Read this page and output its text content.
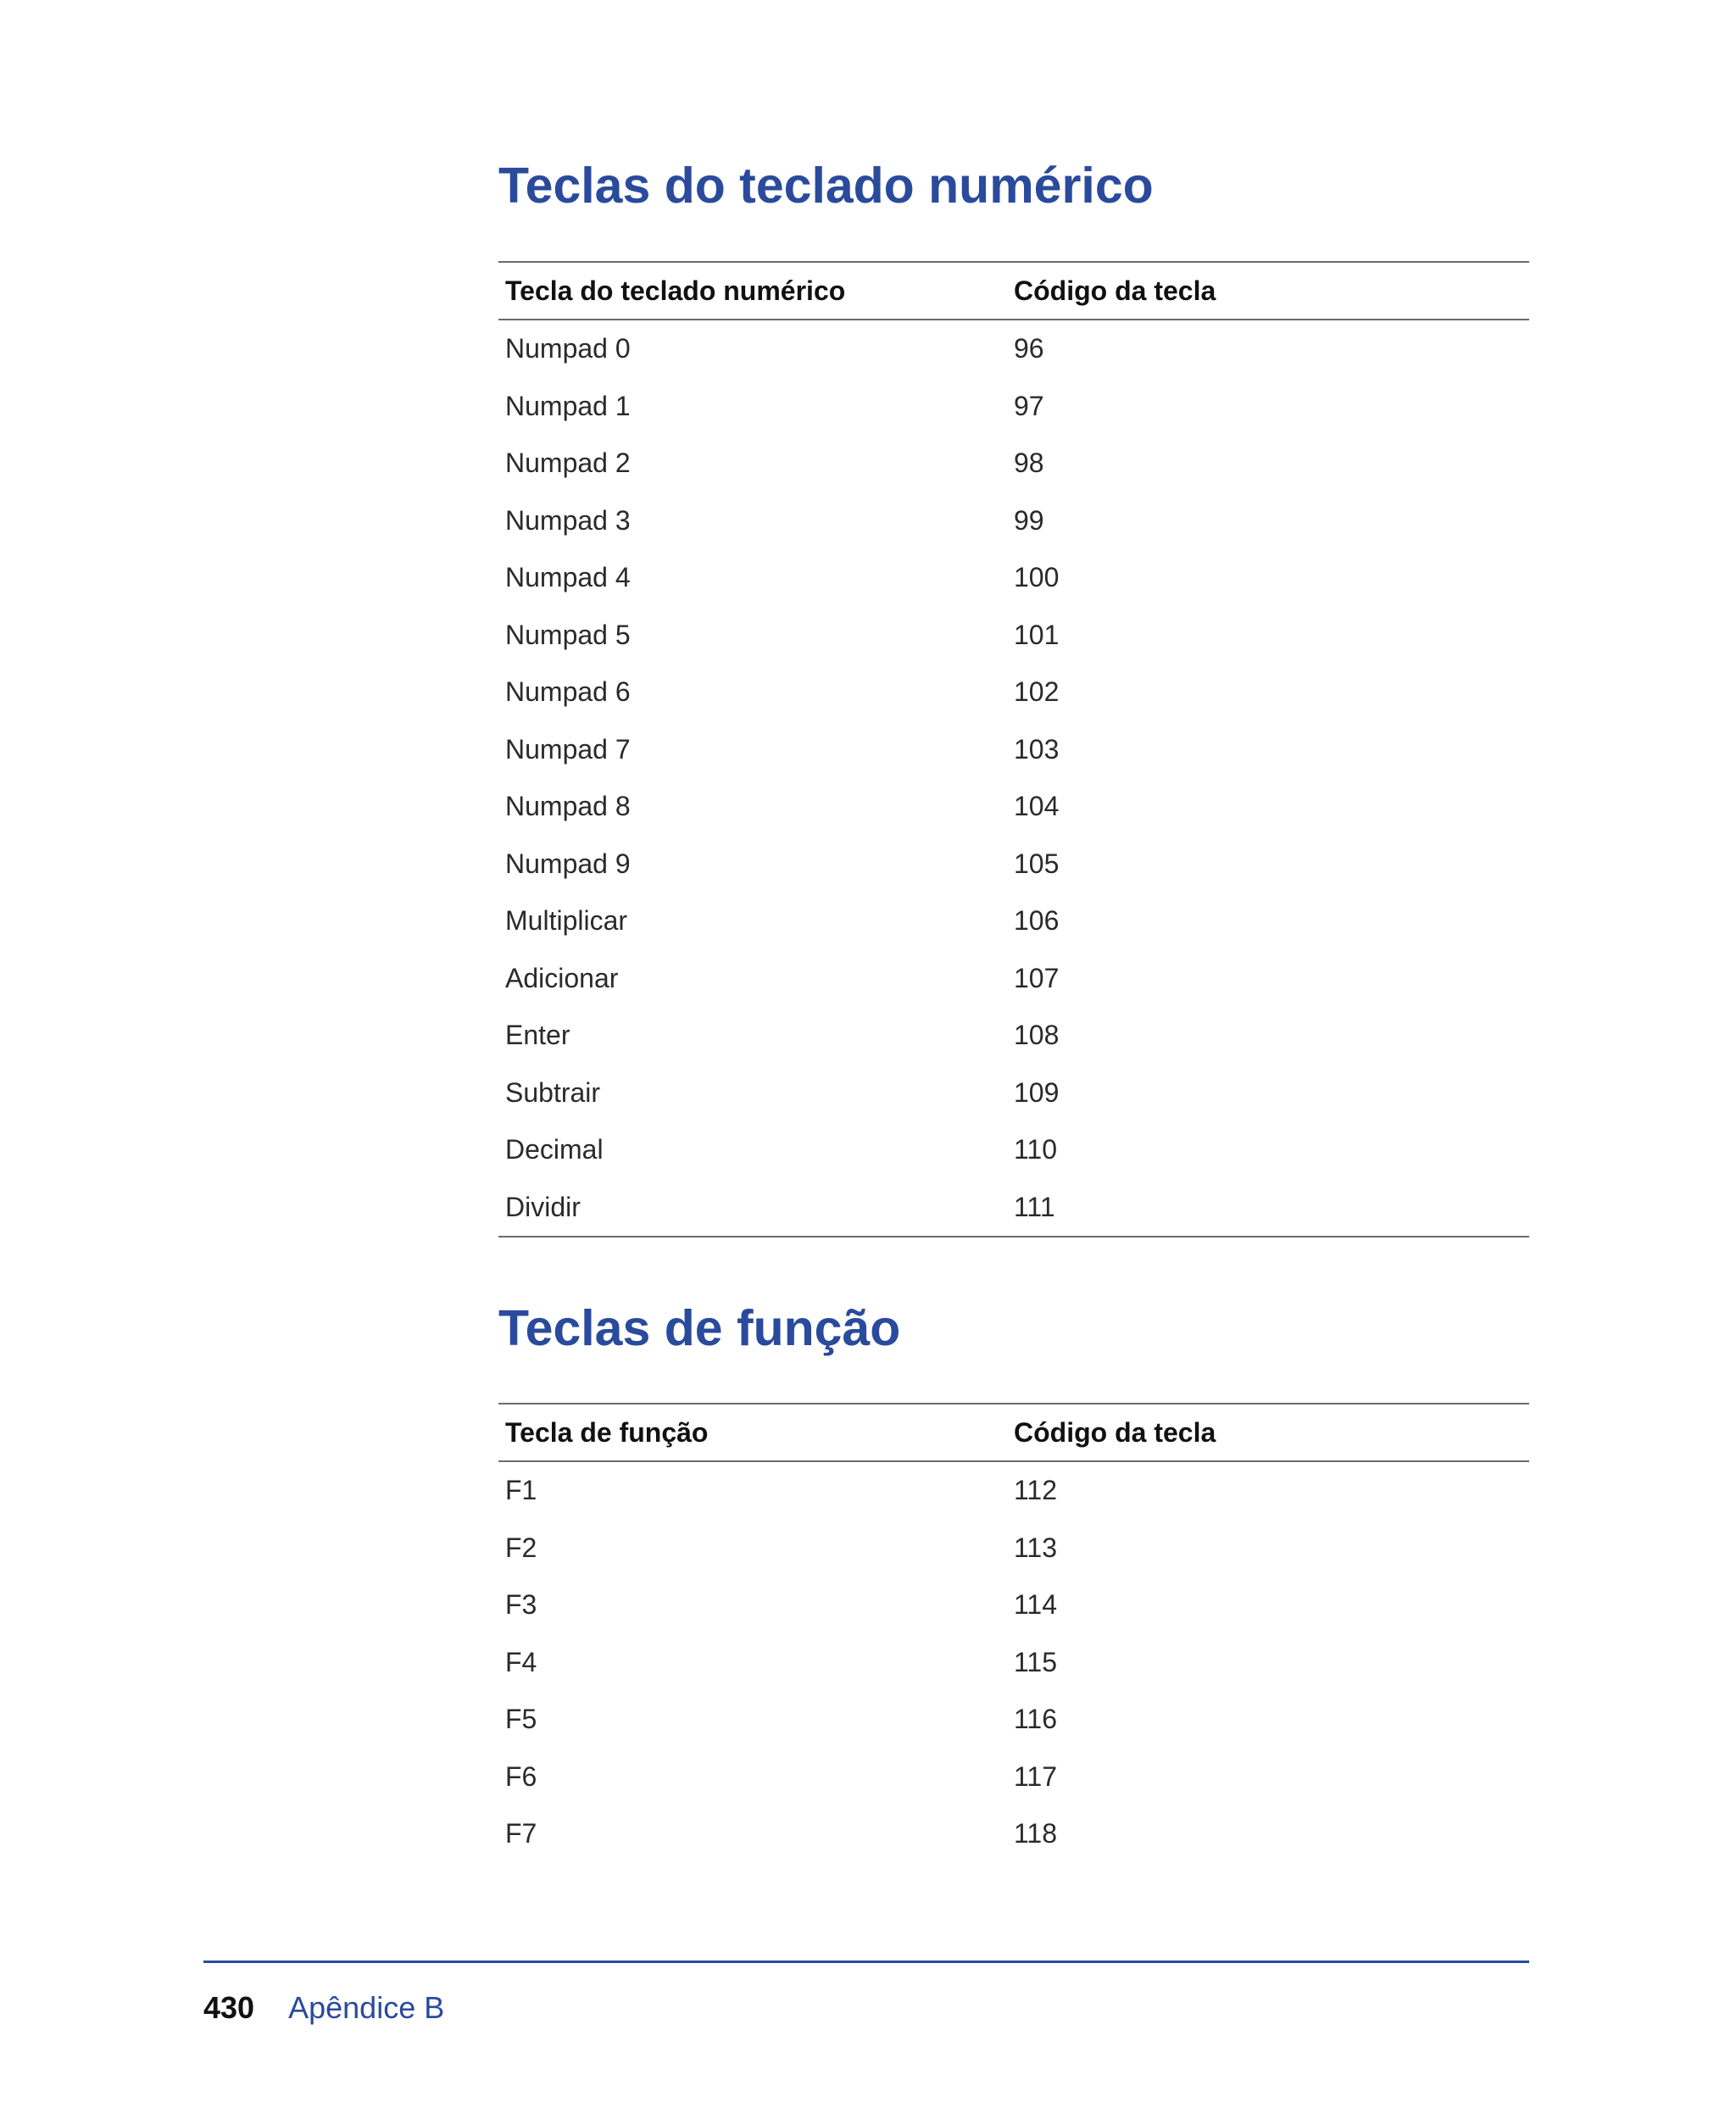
Teclas do teclado numérico
Tecla do teclado numérico	Código da tecla
Numpad 0	96
Numpad 1	97
Numpad 2	98
Numpad 3	99
Numpad 4	100
Numpad 5	101
Numpad 6	102
Numpad 7	103
Numpad 8	104
Numpad 9	105
Multiplicar	106
Adicionar	107
Enter	108
Subtrair	109
Decimal	110
Dividir	111
Teclas de função
Tecla de função	Código da tecla
F1	112
F2	113
F3	114
F4	115
F5	116
F6	117
F7	118
430 Apêndice B
